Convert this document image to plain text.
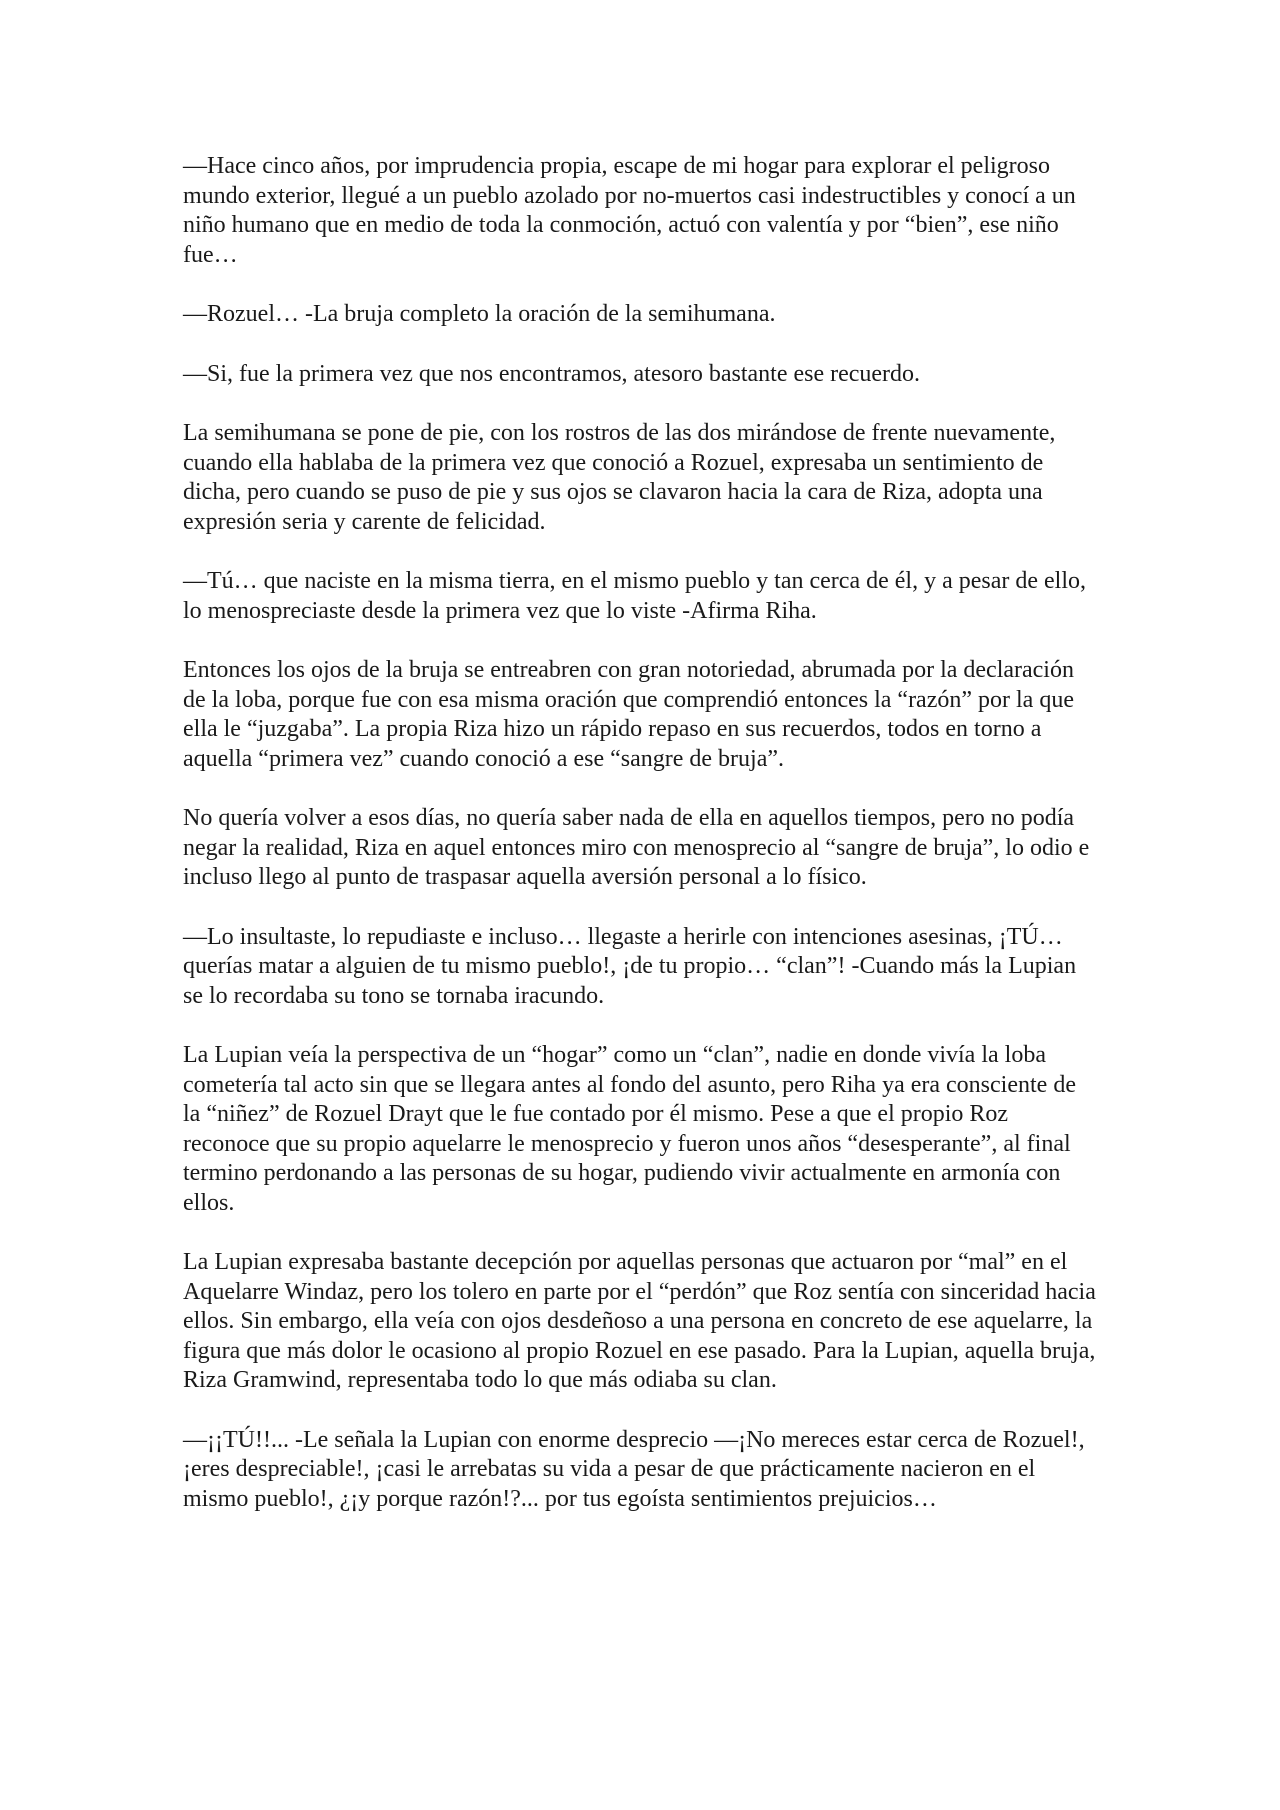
—Hace cinco años, por imprudencia propia, escape de mi hogar para explorar el peligroso mundo exterior, llegué a un pueblo azolado por no-muertos casi indestructibles y conocí a un niño humano que en medio de toda la conmoción, actuó con valentía y por “bien”, ese niño fue…

—Rozuel… -La bruja completo la oración de la semihumana.

—Si, fue la primera vez que nos encontramos, atesoro bastante ese recuerdo.

La semihumana se pone de pie, con los rostros de las dos mirándose de frente nuevamente, cuando ella hablaba de la primera vez que conoció a Rozuel, expresaba un sentimiento de dicha, pero cuando se puso de pie y sus ojos se clavaron hacia la cara de Riza, adopta una expresión seria y carente de felicidad.

—Tú… que naciste en la misma tierra, en el mismo pueblo y tan cerca de él, y a pesar de ello, lo menospreciaste desde la primera vez que lo viste -Afirma Riha.

Entonces los ojos de la bruja se entreabren con gran notoriedad, abrumada por la declaración de la loba, porque fue con esa misma oración que comprendió entonces la “razón” por la que ella le “juzgaba”. La propia Riza hizo un rápido repaso en sus recuerdos, todos en torno a aquella “primera vez” cuando conoció a ese “sangre de bruja”.

No quería volver a esos días, no quería saber nada de ella en aquellos tiempos, pero no podía negar la realidad, Riza en aquel entonces miro con menosprecio al “sangre de bruja”, lo odio e incluso llego al punto de traspasar aquella aversión personal a lo físico.

—Lo insultaste, lo repudiaste e incluso… llegaste a herirle con intenciones asesinas, ¡TÚ… querías matar a alguien de tu mismo pueblo!, ¡de tu propio… “clan”! -Cuando más la Lupian se lo recordaba su tono se tornaba iracundo.

La Lupian veía la perspectiva de un “hogar” como un “clan”, nadie en donde vivía la loba cometería tal acto sin que se llegara antes al fondo del asunto, pero Riha ya era consciente de la “niñez” de Rozuel Drayt que le fue contado por él mismo. Pese a que el propio Roz reconoce que su propio aquelarre le menosprecio y fueron unos años “desesperante”, al final termino perdonando a las personas de su hogar, pudiendo vivir actualmente en armonía con ellos.

La Lupian expresaba bastante decepción por aquellas personas que actuaron por “mal” en el Aquelarre Windaz, pero los tolero en parte por el “perdón” que Roz sentía con sinceridad hacia ellos. Sin embargo, ella veía con ojos desdeñoso a una persona en concreto de ese aquelarre, la figura que más dolor le ocasiono al propio Rozuel en ese pasado. Para la Lupian, aquella bruja, Riza Gramwind, representaba todo lo que más odiaba su clan.

—¡¡TÚ!!... -Le señala la Lupian con enorme desprecio —¡No mereces estar cerca de Rozuel!, ¡eres despreciable!, ¡casi le arrebatas su vida a pesar de que prácticamente nacieron en el mismo pueblo!, ¿¡y porque razón!?... por tus egoísta sentimientos prejuicios…
